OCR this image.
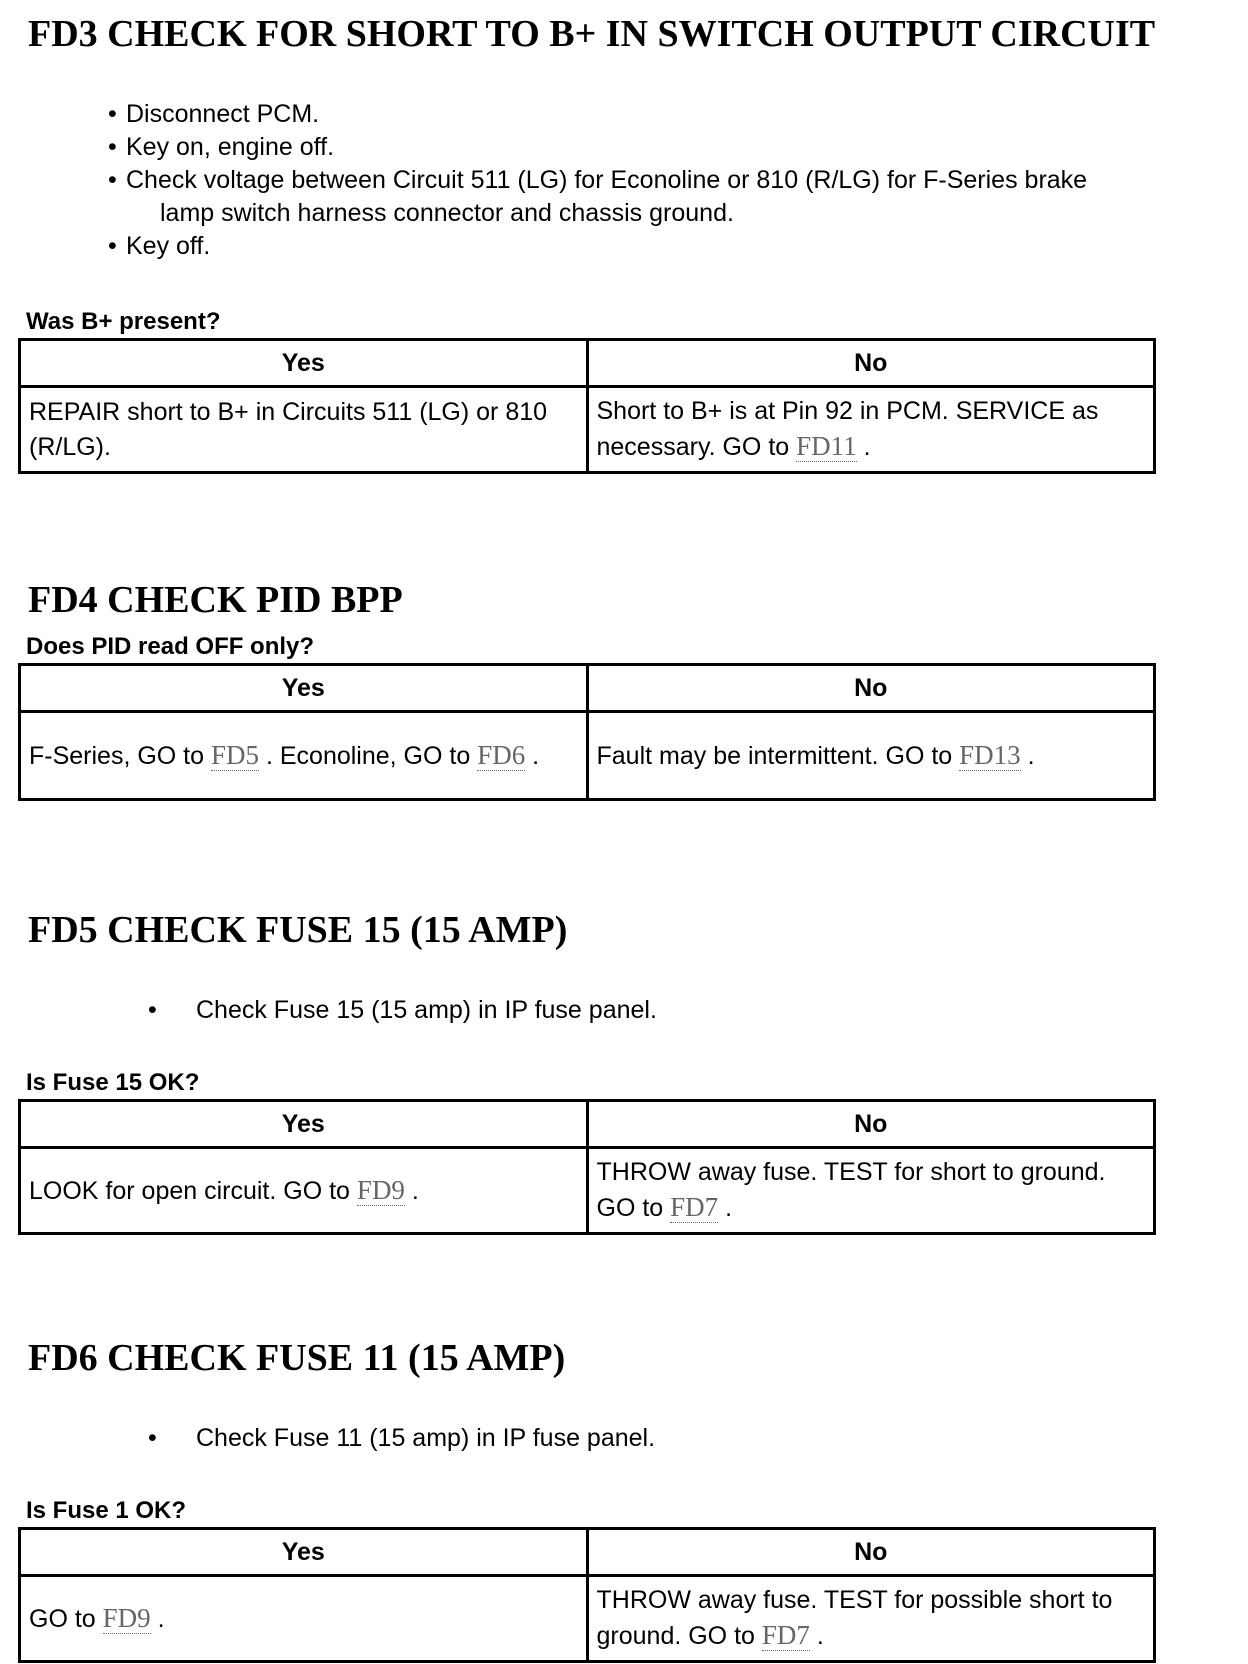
FD3 CHECK FOR SHORT TO B+ IN SWITCH OUTPUT CIRCUIT
• Disconnect PCM.
• Key on, engine off.
• Check voltage between Circuit 511 (LG) for Econoline or 810 (R/LG) for F-Series brake
lamp switch harness connector and chassis ground.
• Key off.
Was B+ present?
Yes	No
REPAIR short to B+ in Circuits 511 (LG) or 810 (R/LG).	Short to B+ is at Pin 92 in PCM. SERVICE as necessary. GO to FD11 .
FD4 CHECK PID BPP
Does PID read OFF only?
Yes	No
F-Series, GO to FD5 . Econoline, GO to FD6 .	Fault may be intermittent. GO to FD13 .
FD5 CHECK FUSE 15 (15 AMP)
• Check Fuse 15 (15 amp) in IP fuse panel.
Is Fuse 15 OK?
Yes	No
LOOK for open circuit. GO to FD9 .	THROW away fuse. TEST for short to ground. GO to FD7 .
FD6 CHECK FUSE 11 (15 AMP)
• Check Fuse 11 (15 amp) in IP fuse panel.
Is Fuse 1 OK?
Yes	No
GO to FD9 .	THROW away fuse. TEST for possible short to ground. GO to FD7 .
